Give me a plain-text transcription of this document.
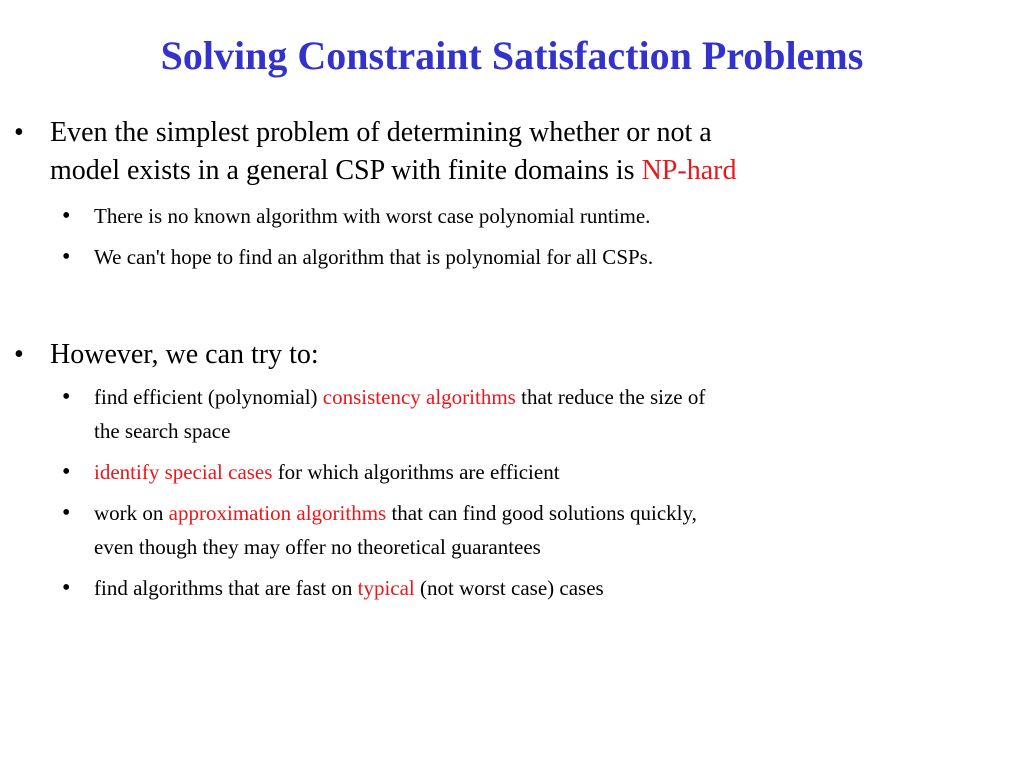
Solving Constraint Satisfaction Problems
• Even the simplest problem of determining whether or not a
model exists in a general CSP with finite domains is NP-hard
• There is no known algorithm with worst case polynomial runtime.
• We can't hope to find an algorithm that is polynomial for all CSPs.
• However, we can try to:
• find efficient (polynomial) consistency algorithms that reduce the size of
the search space
• identify special cases for which algorithms are efficient
• work on approximation algorithms that can find good solutions quickly,
even though they may offer no theoretical guarantees
• find algorithms that are fast on typical (not worst case) cases
